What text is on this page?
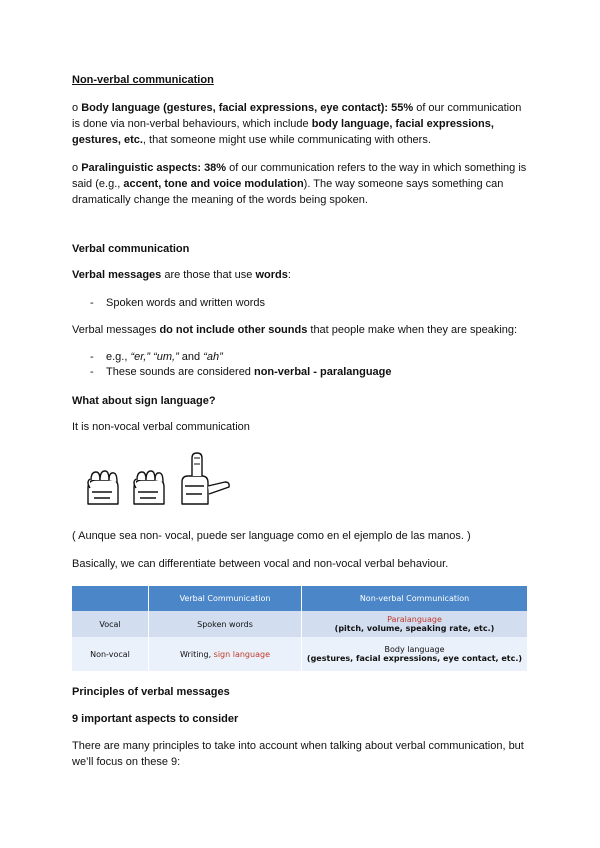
Non-verbal communication
o Body language (gestures, facial expressions, eye contact): 55% of our communication is done via non-verbal behaviours, which include body language, facial expressions, gestures, etc., that someone might use while communicating with others.
o Paralinguistic aspects: 38% of our communication refers to the way in which something is said (e.g., accent, tone and voice modulation). The way someone says something can dramatically change the meaning of the words being spoken.
Verbal communication
Verbal messages are those that use words:
-	Spoken words and written words
Verbal messages do not include other sounds that people make when they are speaking:
-	e.g., “er,” “um,” and “ah”
-	These sounds are considered non-verbal - paralanguage
What about sign language?
It is non-vocal verbal communication
( Aunque sea non- vocal, puede ser language como en el ejemplo de las manos. )
Basically, we can differentiate between vocal and non-vocal verbal behaviour.
	Verbal Communication	Non-verbal Communication
Vocal	Spoken words	Paralanguage
(pitch, volume, speaking rate, etc.)

Non-vocal	Writing, sign language	Body language
(gestures, facial expressions, eye contact, etc.)
Principles of verbal messages
9 important aspects to consider
There are many principles to take into account when talking about verbal communication, but we’ll focus on these 9:
